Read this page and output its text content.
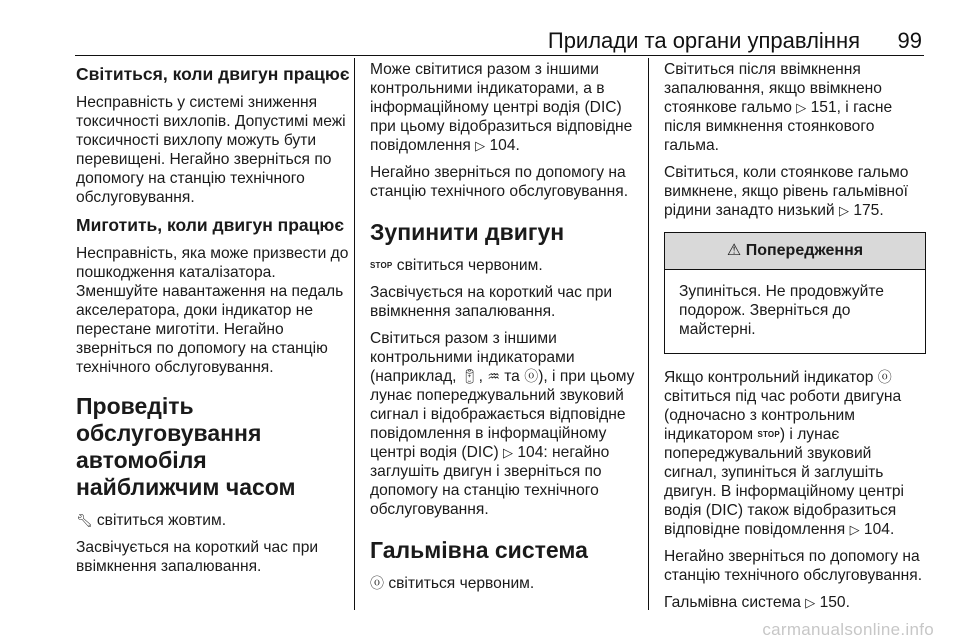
Прилади та органи управління 99
Світиться, коли двигун працює

Несправність у системі зниження токсичності вихлопів. Допустимі межі токсичності вихлопу можуть бути перевищені. Негайно зверніться по допомогу на станцію технічного обслуговування.

Миготить, коли двигун працює

Несправність, яка може призвести до пошкодження каталізатора. Зменшуйте навантаження на педаль акселератора, доки індикатор не перестане миготіти. Негайно зверніться по допомогу на станцію технічного обслуговування.

Проведіть обслуговування автомобіля найближчим часом

🔧︎ світиться жовтим.

Засвічується на короткий час при ввімкнення запалювання.

Може світитися разом з іншими контрольними індикаторами, а в інформаційному центрі водія (DIC) при цьому відобразиться відповідне повідомлення ▷ 104.

Негайно зверніться по допомогу на станцію технічного обслуговування.

Зупинити двигун

STOP світиться червоним.

Засвічується на короткий час при ввімкнення запалювання.

Світиться разом з іншими контрольними індикаторами (наприклад, 🔋︎, ♒ та ⓞ), і при цьому лунає попереджувальний звуковий сигнал і відображається відповідне повідомлення в інформаційному центрі водія (DIC) ▷ 104: негайно заглушіть двигун і зверніться по допомогу на станцію технічного обслуговування.

Гальмівна система

ⓞ світиться червоним.

Світиться після ввімкнення запалювання, якщо ввімкнено стоянкове гальмо ▷ 151, і гасне після вимкнення стоянкового гальма.

Світиться, коли стоянкове гальмо вимкнене, якщо рівень гальмівної рідини занадто низький ▷ 175.

⚠ Попередження
Зупиніться. Не продовжуйте подорож. Зверніться до майстерні.

Якщо контрольний індикатор ⓞ світиться під час роботи двигуна (одночасно з контрольним індикатором STOP) і лунає попереджувальний звуковий сигнал, зупиніться й заглушіть двигун. В інформаційному центрі водія (DIC) також відобразиться відповідне повідомлення ▷ 104.

Негайно зверніться по допомогу на станцію технічного обслуговування.

Гальмівна система ▷ 150.

carmanualsonline.info
